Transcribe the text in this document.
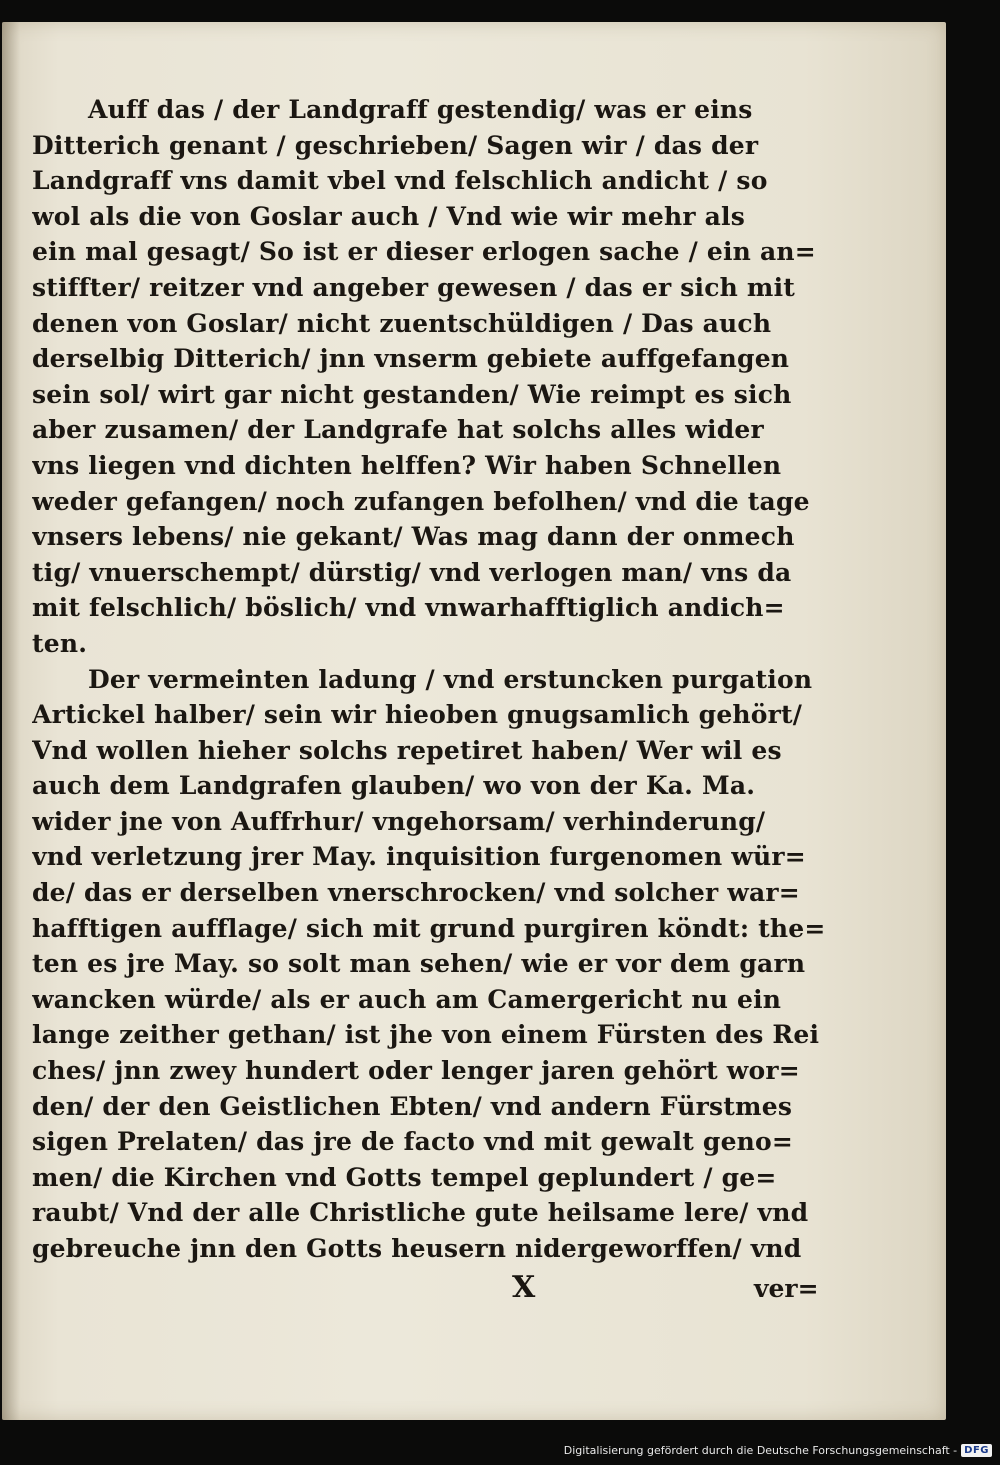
Auff das / der Landgraff gestendig/ was er eins
Ditterich genant / geschrieben/ Sagen wir / das der
Landgraff vns damit vbel vnd felschlich andicht / so
wol als die von Goslar auch / Vnd wie wir mehr als
ein mal gesagt/ So ist er dieser erlogen sache / ein an=
stiffter/ reitzer vnd angeber gewesen / das er sich mit
denen von Goslar/ nicht zuentschüldigen / Das auch
derselbig Ditterich/ jnn vnserm gebiete auffgefangen
sein sol/ wirt gar nicht gestanden/ Wie reimpt es sich
aber zusamen/ der Landgrafe hat solchs alles wider
vns liegen vnd dichten helffen? Wir haben Schnellen
weder gefangen/ noch zufangen befolhen/ vnd die tage
vnsers lebens/ nie gekant/ Was mag dann der onmech
tig/ vnuerschempt/ dürstig/ vnd verlogen man/ vns da
mit felschlich/ böslich/ vnd vnwarhafftiglich andich=
ten.
Der vermeinten ladung / vnd erstuncken purgation
Artickel halber/ sein wir hieoben gnugsamlich gehört/
Vnd wollen hieher solchs repetiret haben/ Wer wil es
auch dem Landgrafen glauben/ wo von der Ka. Ma.
wider jne von Auffrhur/ vngehorsam/ verhinderung/
vnd verletzung jrer May. inquisition furgenomen wür=
de/ das er derselben vnerschrocken/ vnd solcher war=
hafftigen aufflage/ sich mit grund purgiren köndt: the=
ten es jre May. so solt man sehen/ wie er vor dem garn
wancken würde/ als er auch am Camergericht nu ein
lange zeither gethan/ ist jhe von einem Fürsten des Rei
ches/ jnn zwey hundert oder lenger jaren gehört wor=
den/ der den Geistlichen Ebten/ vnd andern Fürstmes
sigen Prelaten/ das jre de facto vnd mit gewalt geno=
men/ die Kirchen vnd Gotts tempel geplundert / ge=
raubt/ Vnd der alle Christliche gute heilsame lere/ vnd
gebreuche jnn den Gotts heusern nidergeworffen/ vnd
X	ver=
Digitalisierung gefördert durch die Deutsche Forschungsgemeinschaft - DFG
